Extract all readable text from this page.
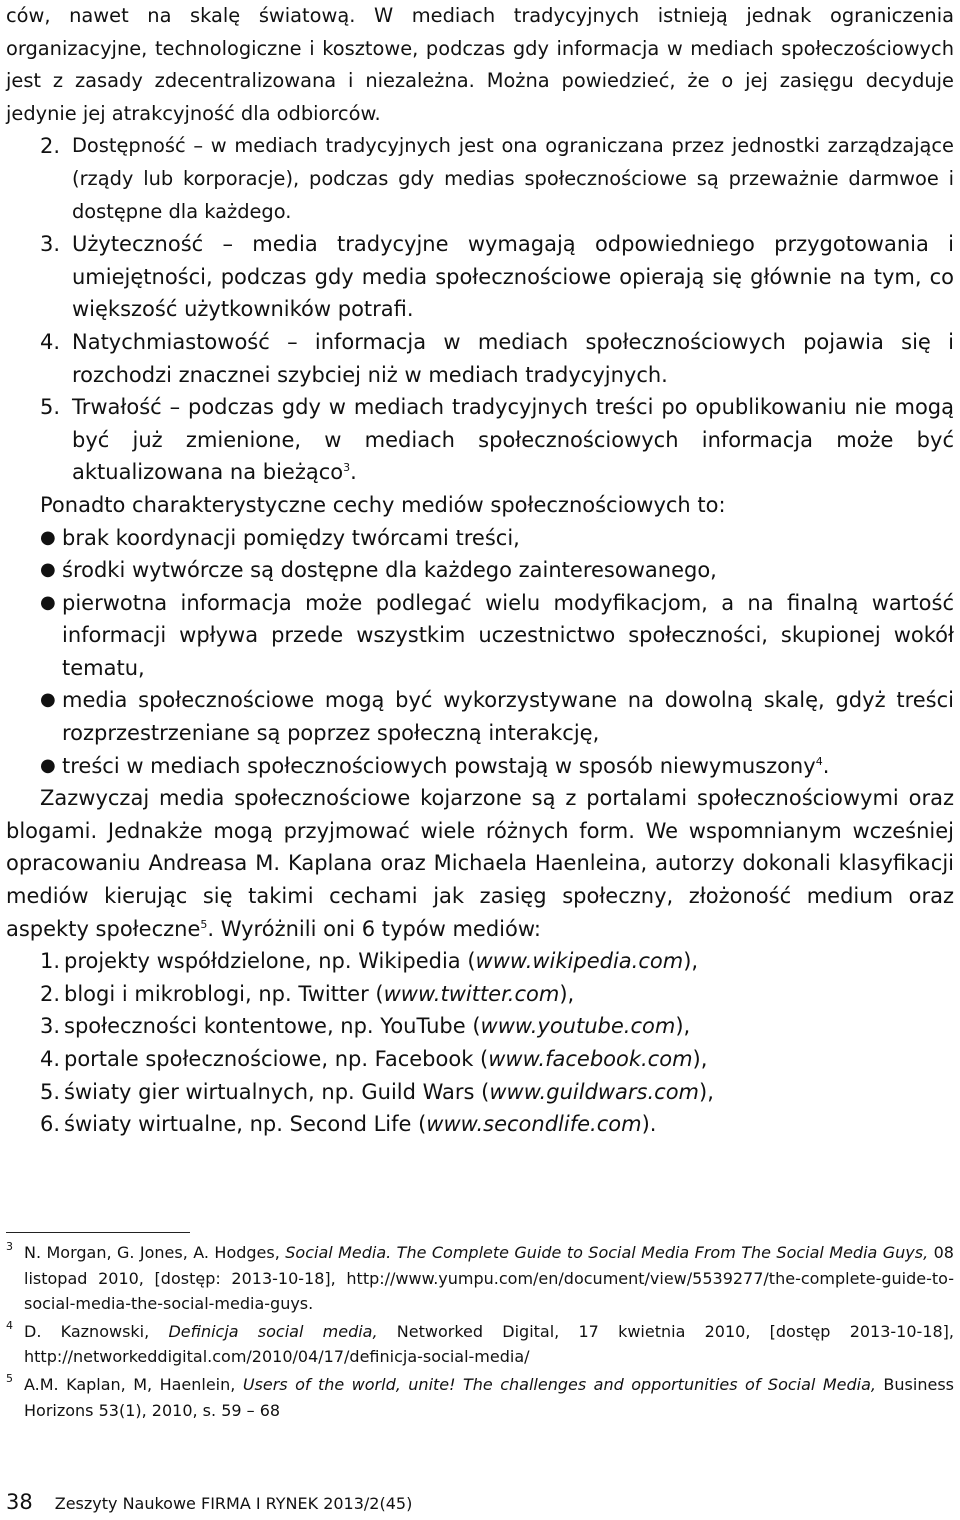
ców, nawet na skalę światową. W mediach tradycyjnych istnieją jednak ograniczenia organizacyjne, technologiczne i kosztowe, podczas gdy informacja w mediach społeczościowych jest z zasady zdecentralizowana i niezależna. Można powiedzieć, że o jej zasięgu decyduje jedynie jej atrakcyjność dla odbiorców.

2. Dostępność – w mediach tradycyjnych jest ona ograniczana przez jednostki zarządzające (rządy lub korporacje), podczas gdy medias społecznościowe są przeważnie darmwoe i dostępne dla każdego.
3. Użyteczność – media tradycyjne wymagają odpowiedniego przygotowania i umiejętności, podczas gdy media społecznościowe opierają się głównie na tym, co większość użytkowników potrafi.
4. Natychmiastowość – informacja w mediach społecznościowych pojawia się i rozchodzi znacznei szybciej niż w mediach tradycyjnych.
5. Trwałość – podczas gdy w mediach tradycyjnych treści po opublikowaniu nie mogą być już zmienione, w mediach społecznościowych informacja może być aktualizowana na bieżąco$^3$.

Ponadto charakterystyczne cechy mediów społecznościowych to:

● brak koordynacji pomiędzy twórcami treści,
● środki wytwórcze są dostępne dla każdego zainteresowanego,
● pierwotna informacja może podlegać wielu modyfikacjom, a na finalną wartość informacji wpływa przede wszystkim uczestnictwo społeczności, skupionej wokół tematu,
● media społecznościowe mogą być wykorzystywane na dowolną skalę, gdyż treści rozprzestrzeniane są poprzez społeczną interakcję,
● treści w mediach społecznościowych powstają w sposób niewymuszony$^4$.

Zazwyczaj media społecznościowe kojarzone są z portalami społecznościowymi oraz blogami. Jednakże mogą przyjmować wiele różnych form. We wspomnianym wcześniej opracowaniu Andreasa M. Kaplana oraz Michaela Haenleina, autorzy dokonali klasyfikacji mediów kierując się takimi cechami jak zasięg społeczny, złożoność medium oraz aspekty społeczne$^5$. Wyróżnili oni 6 typów mediów:

1. projekty współdzielone, np. Wikipedia (www.wikipedia.com),
2. blogi i mikroblogi, np. Twitter (www.twitter.com),
3. społeczności kontentowe, np. YouTube (www.youtube.com),
4. portale społecznościowe, np. Facebook (www.facebook.com),
5. światy gier wirtualnych, np. Guild Wars (www.guildwars.com),
6. światy wirtualne, np. Second Life (www.secondlife.com).
3 N. Morgan, G. Jones, A. Hodges, Social Media. The Complete Guide to Social Media From The Social Media Guys, 08 listopad 2010, [dostęp: 2013-10-18], http://www.yumpu.com/en/document/view/5539277/the-complete-guide-to-social-media-the-social-media-guys.
4 D. Kaznowski, Definicja social media, Networked Digital, 17 kwietnia 2010, [dostęp 2013-10-18], http://networkeddigital.com/2010/04/17/definicja-social-media/
5 A.M. Kaplan, M, Haenlein, Users of the world, unite! The challenges and opportunities of Social Media, Business Horizons 53(1), 2010, s. 59 – 68
38 Zeszyty Naukowe FIRMA I RYNEK 2013/2(45)
